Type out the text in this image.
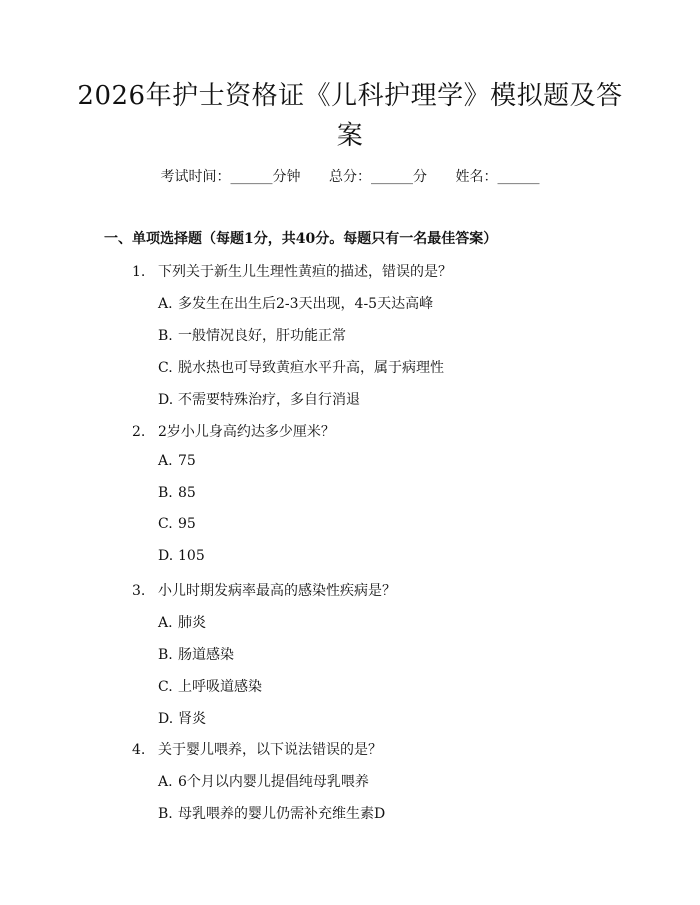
2026年护士资格证《儿科护理学》模拟题及答案
考试时间：______分钟 总分：______分 姓名：______
一、单项选择题（每题1分，共40分。每题只有一名最佳答案）
1. 下列关于新生儿生理性黄疸的描述，错误的是？
A. 多发生在出生后2-3天出现，4-5天达高峰
B. 一般情况良好，肝功能正常
C. 脱水热也可导致黄疸水平升高，属于病理性
D. 不需要特殊治疗，多自行消退
2. 2岁小儿身高约达多少厘米？
A. 75
B. 85
C. 95
D. 105
3. 小儿时期发病率最高的感染性疾病是？
A. 肺炎
B. 肠道感染
C. 上呼吸道感染
D. 肾炎
4. 关于婴儿喂养，以下说法错误的是？
A. 6个月以内婴儿提倡纯母乳喂养
B. 母乳喂养的婴儿仍需补充维生素D
